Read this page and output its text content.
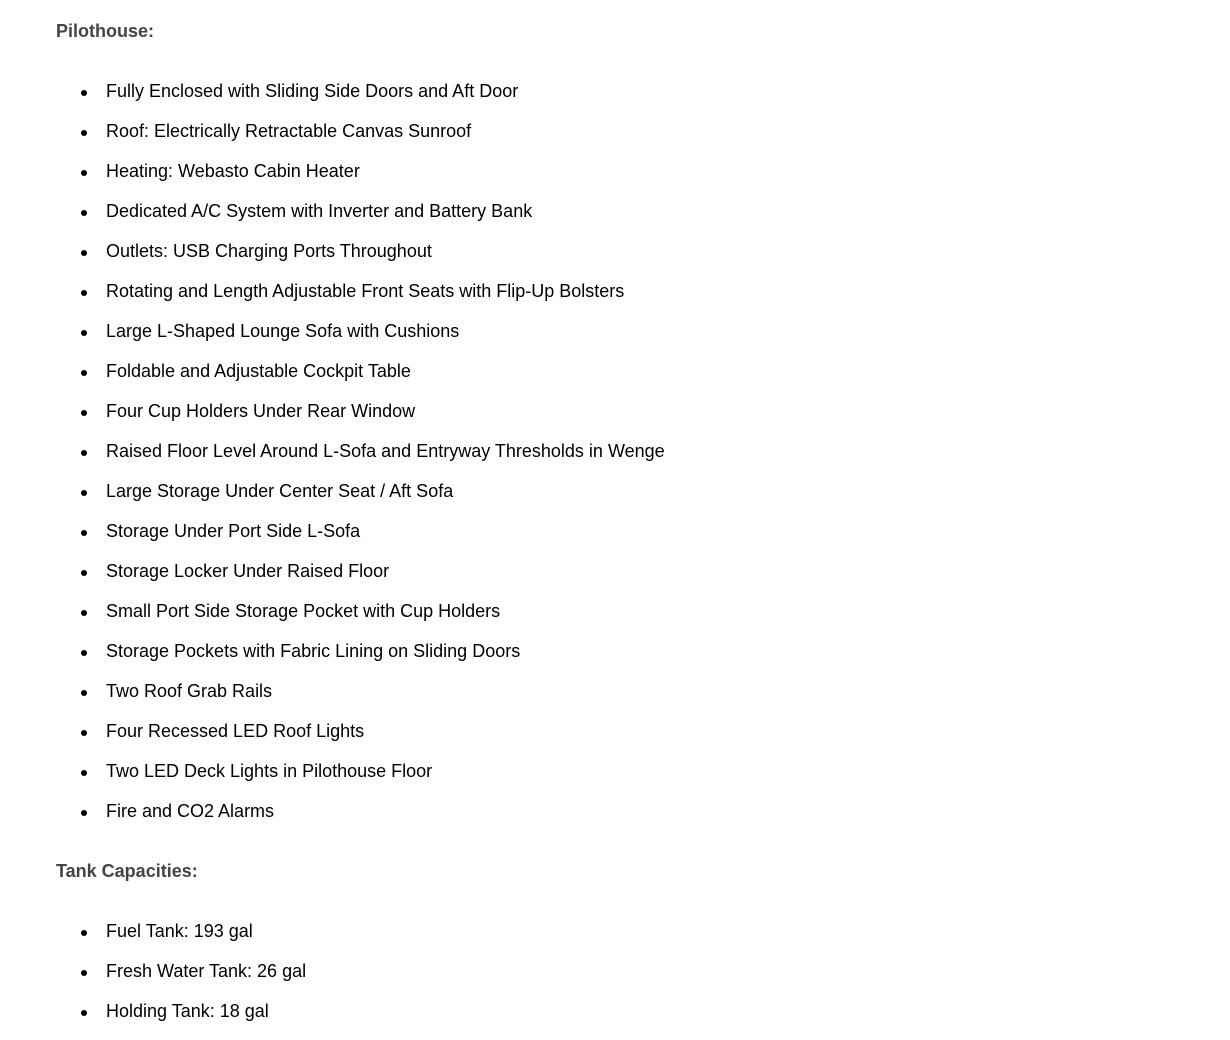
Pilothouse:
Fully Enclosed with Sliding Side Doors and Aft Door
Roof: Electrically Retractable Canvas Sunroof
Heating: Webasto Cabin Heater
Dedicated A/C System with Inverter and Battery Bank
Outlets: USB Charging Ports Throughout
Rotating and Length Adjustable Front Seats with Flip-Up Bolsters
Large L-Shaped Lounge Sofa with Cushions
Foldable and Adjustable Cockpit Table
Four Cup Holders Under Rear Window
Raised Floor Level Around L-Sofa and Entryway Thresholds in Wenge
Large Storage Under Center Seat / Aft Sofa
Storage Under Port Side L-Sofa
Storage Locker Under Raised Floor
Small Port Side Storage Pocket with Cup Holders
Storage Pockets with Fabric Lining on Sliding Doors
Two Roof Grab Rails
Four Recessed LED Roof Lights
Two LED Deck Lights in Pilothouse Floor
Fire and CO2 Alarms
Tank Capacities:
Fuel Tank: 193 gal
Fresh Water Tank: 26 gal
Holding Tank: 18 gal
